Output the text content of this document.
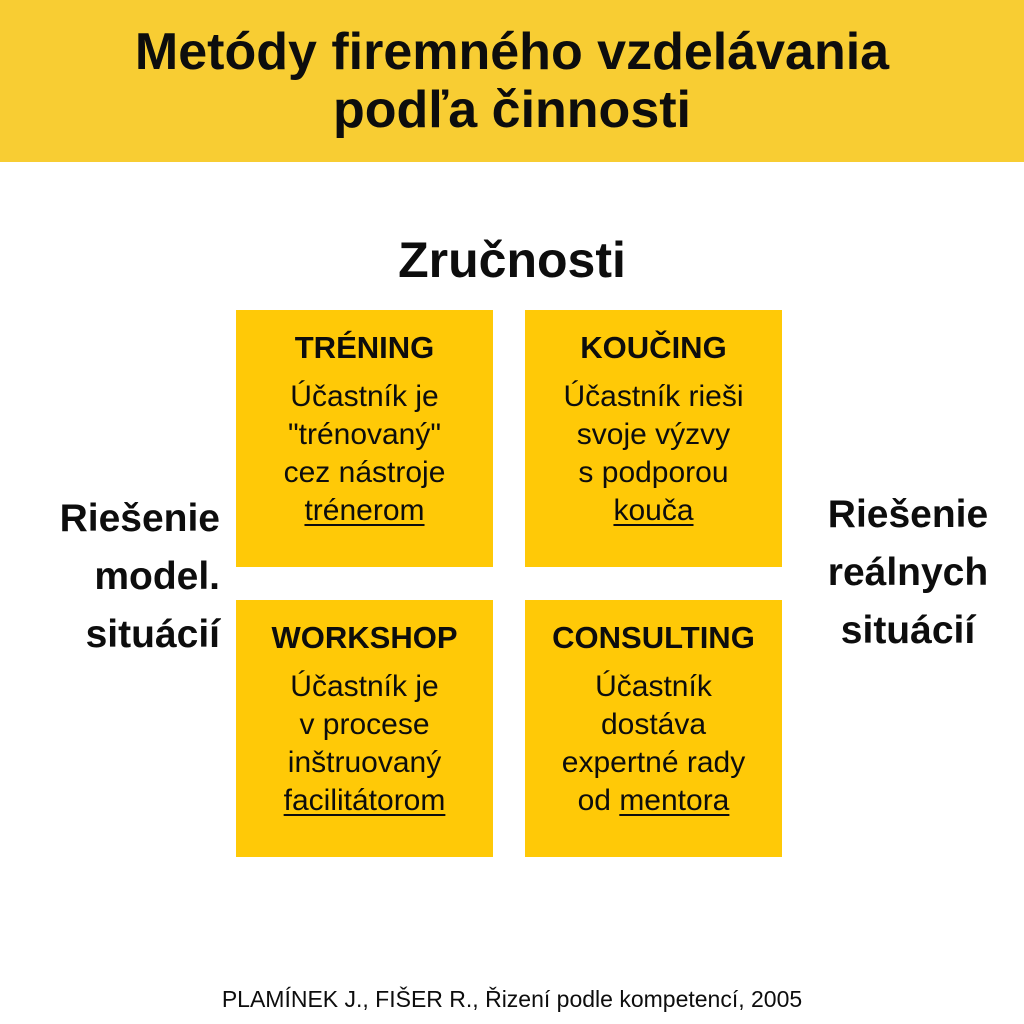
Metódy firemného vzdelávania
podľa činnosti
Zručnosti
Riešenie
model.
situácií
Riešenie
reálnych
situácií
TRÉNING
Účastník je
"trénovaný"
cez nástroje
trénerom
KOUČING
Účastník rieši
svoje výzvy
s podporou
kouča
WORKSHOP
Účastník je
v procese
inštruovaný
facilitátorom
CONSULTING
Účastník
dostáva
expertné rady
od mentora
PLAMÍNEK J., FIŠER R., Řizení podle kompetencí, 2005
